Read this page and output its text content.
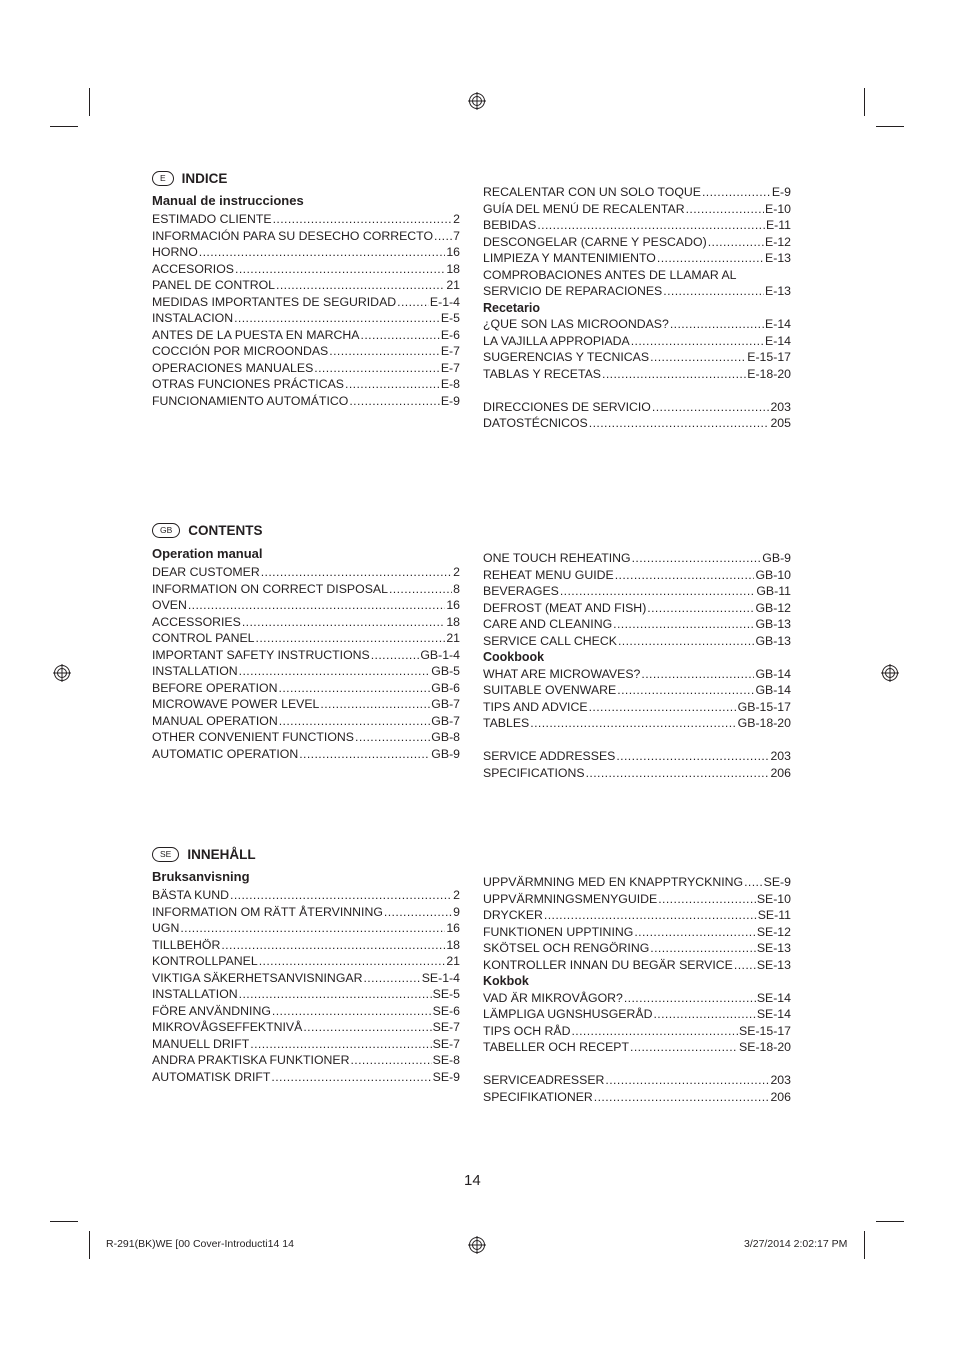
E	INDICE
Manual de instrucciones
ESTIMADO CLIENTE .....	2
INFORMACIÓN PARA SU DESECHO CORRECTO ..... 7
HORNO .....	16
ACCESORIOS .....	18
PANEL DE CONTROL .....	21
MEDIDAS IMPORTANTES DE SEGURIDAD .....	E-1-4
INSTALACION .....	E-5
ANTES DE LA PUESTA EN MARCHA .....	E-6
COCCIÓN POR MICROONDAS .....	E-7
OPERACIONES MANUALES .....	E-7
OTRAS FUNCIONES PRÁCTICAS .....	E-8
FUNCIONAMIENTO AUTOMÁTICO .....	E-9
RECALENTAR CON UN SOLO TOQUE .....	E-9
GUÍA DEL MENÚ DE RECALENTAR .....	E-10
BEBIDAS .....	E-11
DESCONGELAR (CARNE Y PESCADO) .....	E-12
LIMPIEZA Y MANTENIMIENTO .....	E-13
COMPROBACIONES ANTES DE LLAMAR AL
SERVICIO DE REPARACIONES .....	E-13
Recetario
¿QUE SON LAS MICROONDAS? .....	E-14
LA VAJILLA APPROPIADA .....	E-14
SUGERENCIAS Y TECNICAS .....	E-15-17
TABLAS Y RECETAS .....	E-18-20
DIRECCIONES DE SERVICIO .....	203
DATOSTÉCNICOS .....	205
GB	CONTENTS
Operation manual
DEAR CUSTOMER .....	2
INFORMATION ON CORRECT DISPOSAL .....	8
OVEN .....	16
ACCESSORIES .....	18
CONTROL PANEL .....	21
IMPORTANT SAFETY INSTRUCTIONS .....	GB-1-4
INSTALLATION .....	GB-5
BEFORE OPERATION .....	GB-6
MICROWAVE POWER LEVEL .....	GB-7
MANUAL OPERATION .....	GB-7
OTHER CONVENIENT FUNCTIONS .....	GB-8
AUTOMATIC OPERATION .....	GB-9
ONE TOUCH REHEATING .....	GB-9
REHEAT MENU GUIDE .....	GB-10
BEVERAGES .....	GB-11
DEFROST (MEAT AND FISH) .....	GB-12
CARE AND CLEANING .....	GB-13
SERVICE CALL CHECK .....	GB-13
Cookbook
WHAT ARE MICROWAVES? .....	GB-14
SUITABLE OVENWARE .....	GB-14
TIPS AND ADVICE .....	GB-15-17
TABLES .....	GB-18-20
SERVICE ADDRESSES .....	203
SPECIFICATIONS .....	206
SE	INNEHÅLL
Bruksanvisning
BÄSTA KUND .....	2
INFORMATION OM RÄTT ÅTERVINNING .....	9
UGN .....	16
TILLBEHÖR .....	18
KONTROLLPANEL .....	21
VIKTIGA SÄKERHETSANVISNINGAR .....	SE-1-4
INSTALLATION .....	SE-5
FÖRE ANVÄNDNING .....	SE-6
MIKROVÅGSEFFEKTNIVÅ .....	SE-7
MANUELL DRIFT .....	SE-7
ANDRA PRAKTISKA FUNKTIONER .....	SE-8
AUTOMATISK DRIFT .....	SE-9
UPPVÄRMNING MED EN KNAPPTRYCKNING ..... SE-9
UPPVÄRMNINGSMENYGUIDE .....	SE-10
DRYCKER .....	SE-11
FUNKTIONEN UPPTINING .....	SE-12
SKÖTSEL OCH RENGÖRING .....	SE-13
KONTROLLER INNAN DU BEGÄR SERVICE ..... SE-13
Kokbok
VAD ÄR MIKROVÅGOR? .....	SE-14
LÄMPLIGA UGNSHUSGERÅD .....	SE-14
TIPS OCH RÅD .....	SE-15-17
TABELLER OCH RECEPT .....	SE-18-20
SERVICEADRESSER .....	203
SPECIFIKATIONER .....	206
14
R-291(BK)WE [00 Cover-Introducti14 14	3/27/2014 2:02:17 PM
